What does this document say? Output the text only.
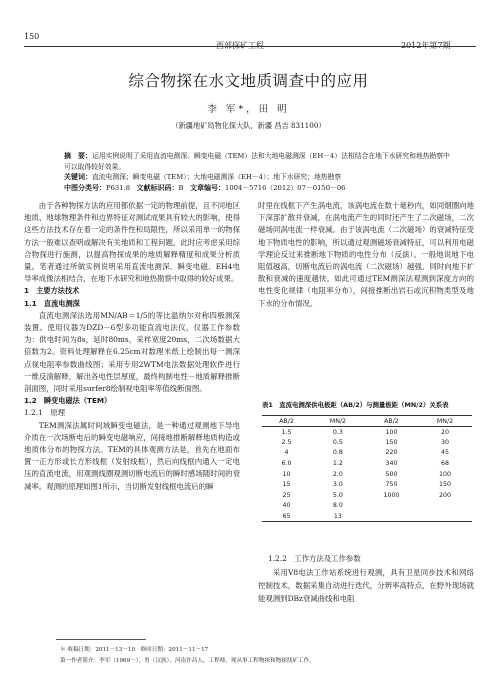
150
西部探矿工程	2012年第7期
综合物探在水文地质调查中的应用
李 军*，田 明
（新疆地矿局物化探大队，新疆 昌吉 831100）
摘　要：运用实例说明了采用直流电测深、瞬变电磁（TEM）法和大地电磁测深（EH－4）法相结合在地下水研究和地热勘察中可以取得较好效果。
关键词：直流电测深；瞬变电磁（TEM）；大地电磁测深（EH－4）；地下水研究；地热勘察
中图分类号：P631.8 文献标识码：B 文章编号：1004－5716（2012）07－0150－06

由于各种物探方法的应用都依据一定的物理前提，且不同地区地质、地球物理条件和边界特征对测试成果具有较大的影响，使得这些方法技术存在着一定的条件性和局限性，所以采用单一的物探方法一般难以查明或解决有关地质和工程问题，此时应考虑采用综合物探进行施测，以提高物探成果的地质解释精度和成果分析质量。笔者通过所做实例说明采用直流电测深、瞬变电磁、EH4电导率成像法相结合，在地下水研究和地热勘察中取得的较好成果。

1　主要方法技术

1.1　直流电测深

直流电测深法选用MN/AB＝1/5的等比温纳尔对称四极测深装置。使用仪器为DZD－6型多功能直流电法仪，仪器工作参数为：供电时间为8s，延时80ms，采样宽度20ms，二次场数据大倍数为2。资料处理解释在6.25cm对数理米纸上绘制出每一测深点视电阻率参数曲线图；采用专用2WTM电法数据处理软件进行一维反演解释，解出各电性层厚度，最终构制电性－地质解释推断剖面图，同时采用surfer8绘制视电阻率等值线断面图。

1.2　瞬变电磁法（TEM）

1.2.1　原理

TEM测深法属时间域瞬变电磁法，是一种通过观测地下导电介质在一次场断电后的瞬变电磁响应，间接地推断解释地质构造或地质体分布的物探方法。TEM的具体观测方法是，首先在地面布置一正方形或长方形线框（发射线框），然后向线框内通入一定电压的直流电流，用观测线圈观测切断电流后的瞬时感场随时间的衰减率。观测的原理如图1所示，当切断发射线框电流后的瞬

时里在线框下产生涡电流，该涡电流在数十毫秒内，如同烟圈向地下深部扩散并衰减，在涡电流产生的同时还产生了二次磁场，二次磁场同涡电流一样衰减。由于该涡电流（二次磁场）的衰减特征受地下物质电性的影响，所以通过观测磁场衰减特征，可以利用电磁学理论反过来推断地下物质的电性分布（反演）。一般地说地下电阻值越高，切断电流后的涡电流（二次磁场）越强，同时向地下扩散和衰减的速度越快。如此可通过TEM测深法观测到深度方向的电性变化规律（电阻率分布），间接推断出岩石或沉积物类型及地下水的分布情况。

表1　直流电测深供电极距（AB/2）与测量极距（MN/2）关系表
AB/2	MN/2	AB/2	MN/2
1.5	0.3	100	20
2.5	0.5	150	30
4	0.8	220	45
6.0	1.2	340	68
10	2.0	500	100
15	3.0	750	150
25	5.0	1000	200
40	8.0		
65	13		
1.2.2　工作方法及工作参数

采用V8电法工作站系统进行观测，具有卫星同步技术和网络控制技术，数据采集自动进行迭代，分辨率高特点，在野外现场就能观测到DBz衰减曲线和电阻

＊ 收稿日期：2011－13－10　修回日期：2011－11－17
第一作者简介：李军（1969－），男（汉族），河南许昌人，工程师，现从事工程物探和物探找矿工作。
